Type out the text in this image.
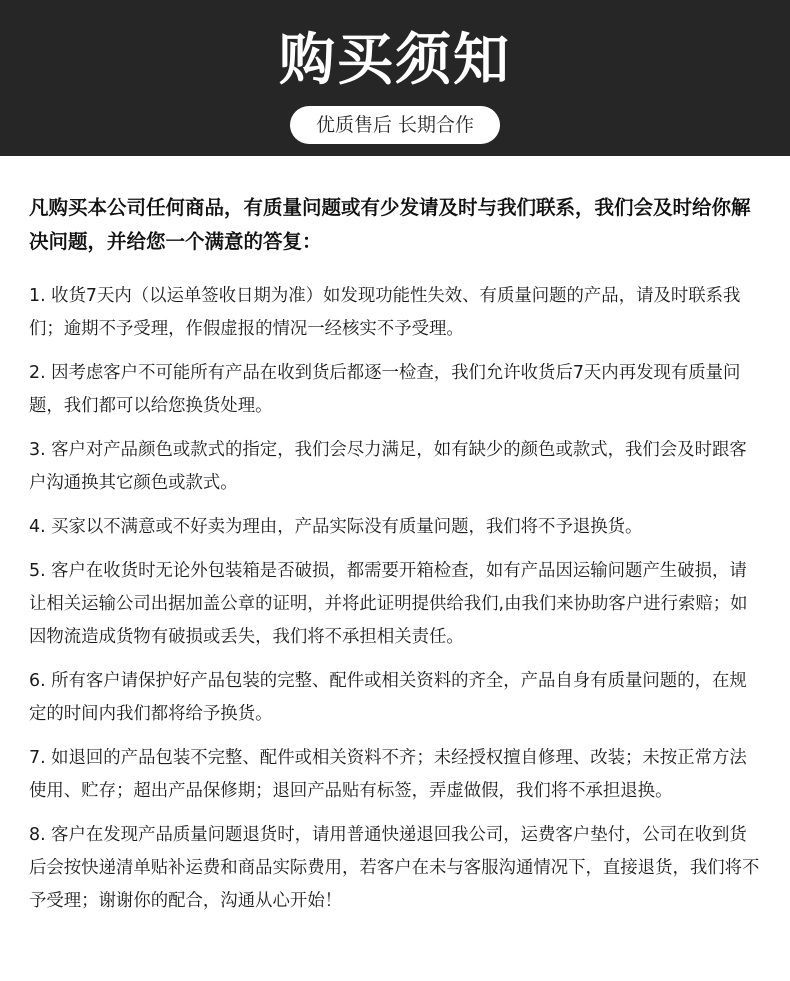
购买须知
优质售后 长期合作

凡购买本公司任何商品，有质量问题或有少发请及时与我们联系，我们会及时给你解决问题，并给您一个满意的答复：

1. 收货7天内（以运单签收日期为准）如发现功能性失效、有质量问题的产品，请及时联系我们；逾期不予受理，作假虚报的情况一经核实不予受理。

2. 因考虑客户不可能所有产品在收到货后都逐一检查，我们允许收货后7天内再发现有质量问题，我们都可以给您换货处理。

3. 客户对产品颜色或款式的指定，我们会尽力满足，如有缺少的颜色或款式，我们会及时跟客户沟通换其它颜色或款式。

4. 买家以不满意或不好卖为理由，产品实际没有质量问题，我们将不予退换货。

5. 客户在收货时无论外包装箱是否破损，都需要开箱检查，如有产品因运输问题产生破损，请让相关运输公司出据加盖公章的证明，并将此证明提供给我们,由我们来协助客户进行索赔；如因物流造成货物有破损或丢失，我们将不承担相关责任。

6. 所有客户请保护好产品包装的完整、配件或相关资料的齐全，产品自身有质量问题的，在规定的时间内我们都将给予换货。

7. 如退回的产品包装不完整、配件或相关资料不齐；未经授权擅自修理、改装；未按正常方法使用、贮存；超出产品保修期；退回产品贴有标签，弄虚做假，我们将不承担退换。

8. 客户在发现产品质量问题退货时，请用普通快递退回我公司，运费客户垫付，公司在收到货后会按快递清单贴补运费和商品实际费用，若客户在未与客服沟通情况下，直接退货，我们将不予受理；谢谢你的配合，沟通从心开始！
